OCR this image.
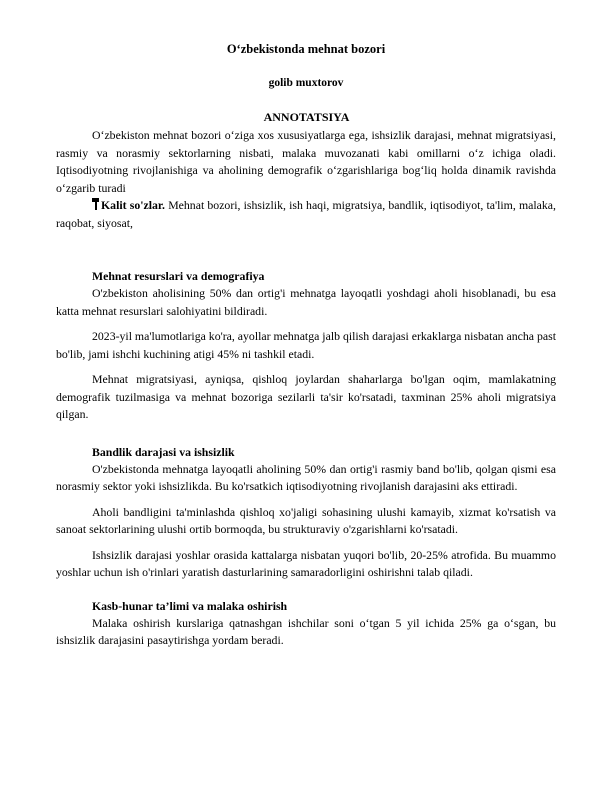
O‘zbekistonda mehnat bozori

golib muxtorov

ANNOTATSIYA

O‘zbekiston mehnat bozori o‘ziga xos xususiyatlarga ega, ishsizlik darajasi, mehnat migratsiyasi, rasmiy va norasmiy sektorlarning nisbati, malaka muvozanati kabi omillarni o‘z ichiga oladi. Iqtisodiyotning rivojlanishiga va aholining demografik o‘zgarishlariga bog‘liq holda dinamik ravishda o‘zgarib turadi

Kalit so'zlar. Mehnat bozori, ishsizlik, ish haqi, migratsiya, bandlik, iqtisodiyot, ta'lim, malaka, raqobat, siyosat,

Mehnat resurslari va demografiya

O'zbekiston aholisining 50% dan ortig'i mehnatga layoqatli yoshdagi aholi hisoblanadi, bu esa katta mehnat resurslari salohiyatini bildiradi.

2023-yil ma'lumotlariga ko'ra, ayollar mehnatga jalb qilish darajasi erkaklarga nisbatan ancha past bo'lib, jami ishchi kuchining atigi 45% ni tashkil etadi.

Mehnat migratsiyasi, ayniqsa, qishloq joylardan shaharlarga bo'lgan oqim, mamlakatning demografik tuzilmasiga va mehnat bozoriga sezilarli ta'sir ko'rsatadi, taxminan 25% aholi migratsiya qilgan.

Bandlik darajasi va ishsizlik

O'zbekistonda mehnatga layoqatli aholining 50% dan ortig'i rasmiy band bo'lib, qolgan qismi esa norasmiy sektor yoki ishsizlikda. Bu ko'rsatkich iqtisodiyotning rivojlanish darajasini aks ettiradi.

Aholi bandligini ta'minlashda qishloq xo'jaligi sohasining ulushi kamayib, xizmat ko'rsatish va sanoat sektorlarining ulushi ortib bormoqda, bu strukturaviy o'zgarishlarni ko'rsatadi.

Ishsizlik darajasi yoshlar orasida kattalarga nisbatan yuqori bo'lib, 20-25% atrofida. Bu muammo yoshlar uchun ish o'rinlari yaratish dasturlarining samaradorligini oshirishni talab qiladi.

Kasb-hunar ta’limi va malaka oshirish

Malaka oshirish kurslariga qatnashgan ishchilar soni o‘tgan 5 yil ichida 25% ga o‘sgan, bu ishsizlik darajasini pasaytirishga yordam beradi.
